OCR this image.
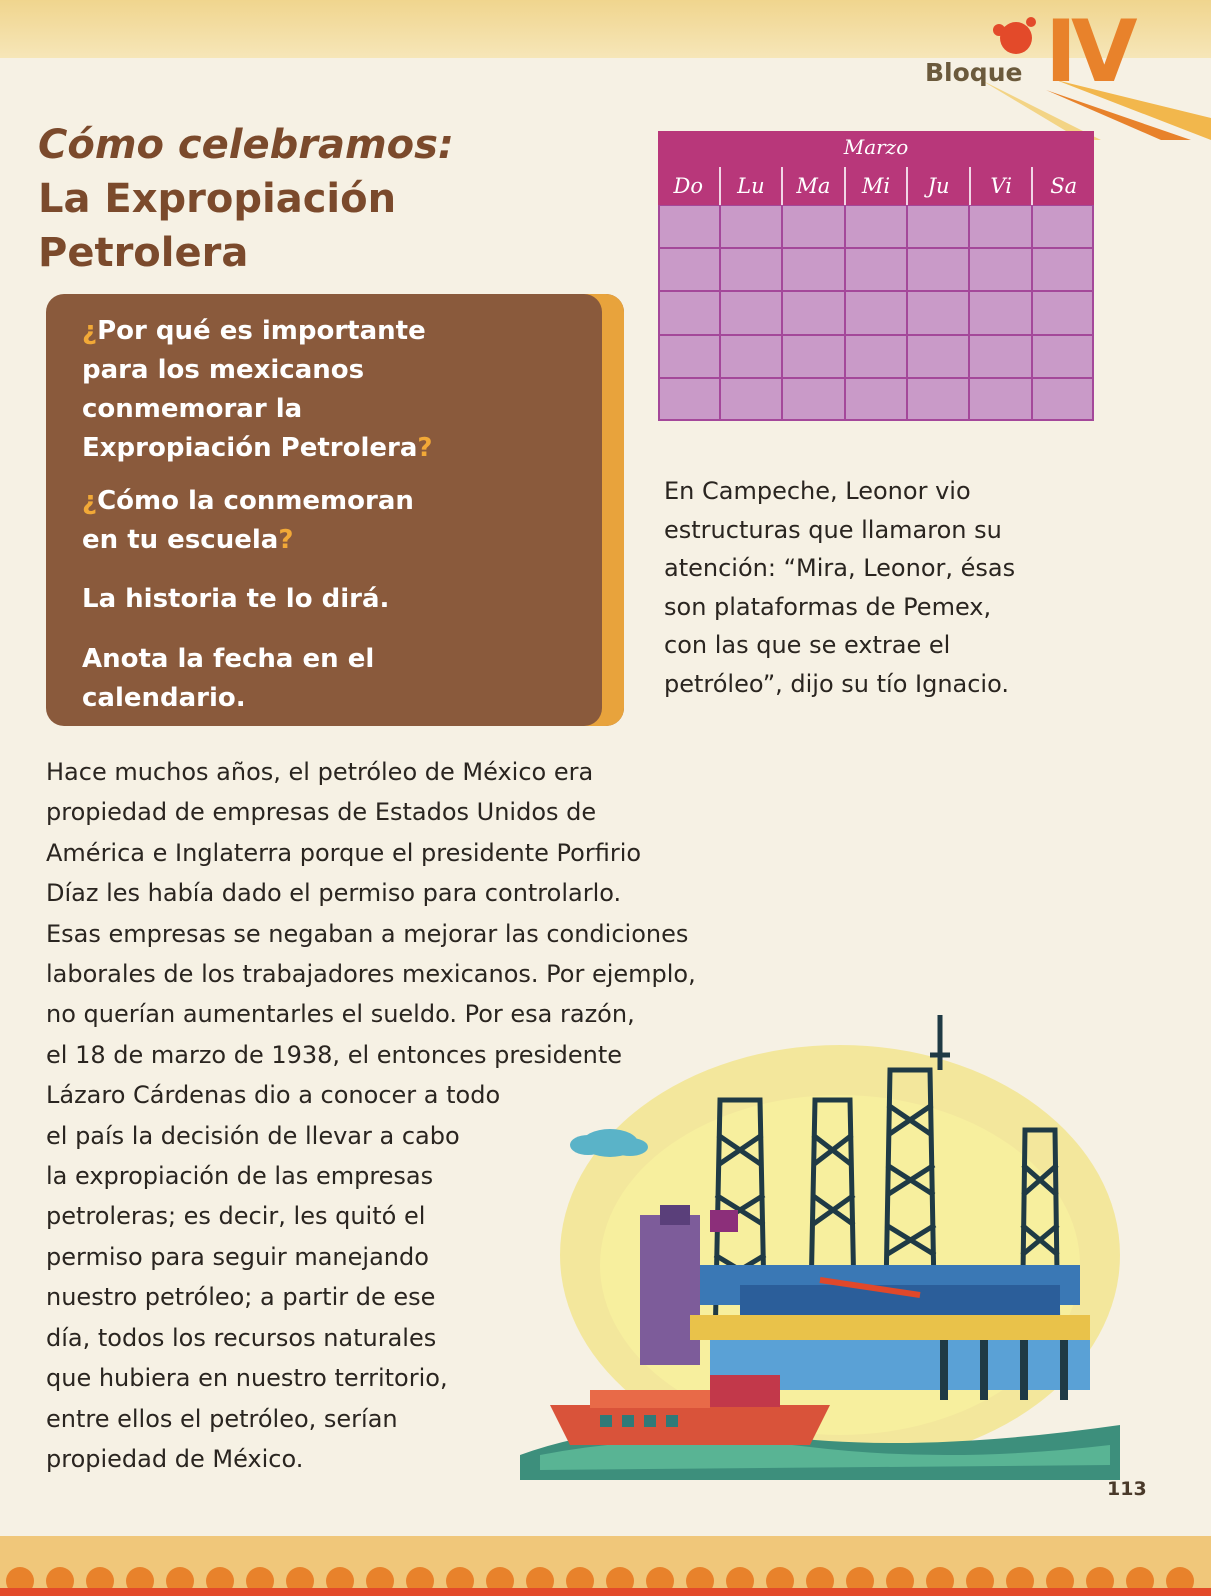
Bloque IV
Cómo celebramos:
La Expropiación
Petrolera
¿Por qué es importante
para los mexicanos
conmemorar la
Expropiación Petrolera?
¿Cómo la conmemoran
en tu escuela?
La historia te lo dirá.
Anota la fecha en el
calendario.
Marzo
Do	Lu	Ma	Mi	Ju	Vi	Sa
En Campeche, Leonor vio
estructuras que llamaron su
atención: “Mira, Leonor, ésas
son plataformas de Pemex,
con las que se extrae el
petróleo”, dijo su tío Ignacio.
Hace muchos años, el petróleo de México era
propiedad de empresas de Estados Unidos de
América e Inglaterra porque el presidente Porfirio
Díaz les había dado el permiso para controlarlo.
Esas empresas se negaban a mejorar las condiciones
laborales de los trabajadores mexicanos. Por ejemplo,
no querían aumentarles el sueldo. Por esa razón,
el 18 de marzo de 1938, el entonces presidente
Lázaro Cárdenas dio a conocer a todo
el país la decisión de llevar a cabo
la expropiación de las empresas
petroleras; es decir, les quitó el
permiso para seguir manejando
nuestro petróleo; a partir de ese
día, todos los recursos naturales
que hubiera en nuestro territorio,
entre ellos el petróleo, serían
propiedad de México.
113
